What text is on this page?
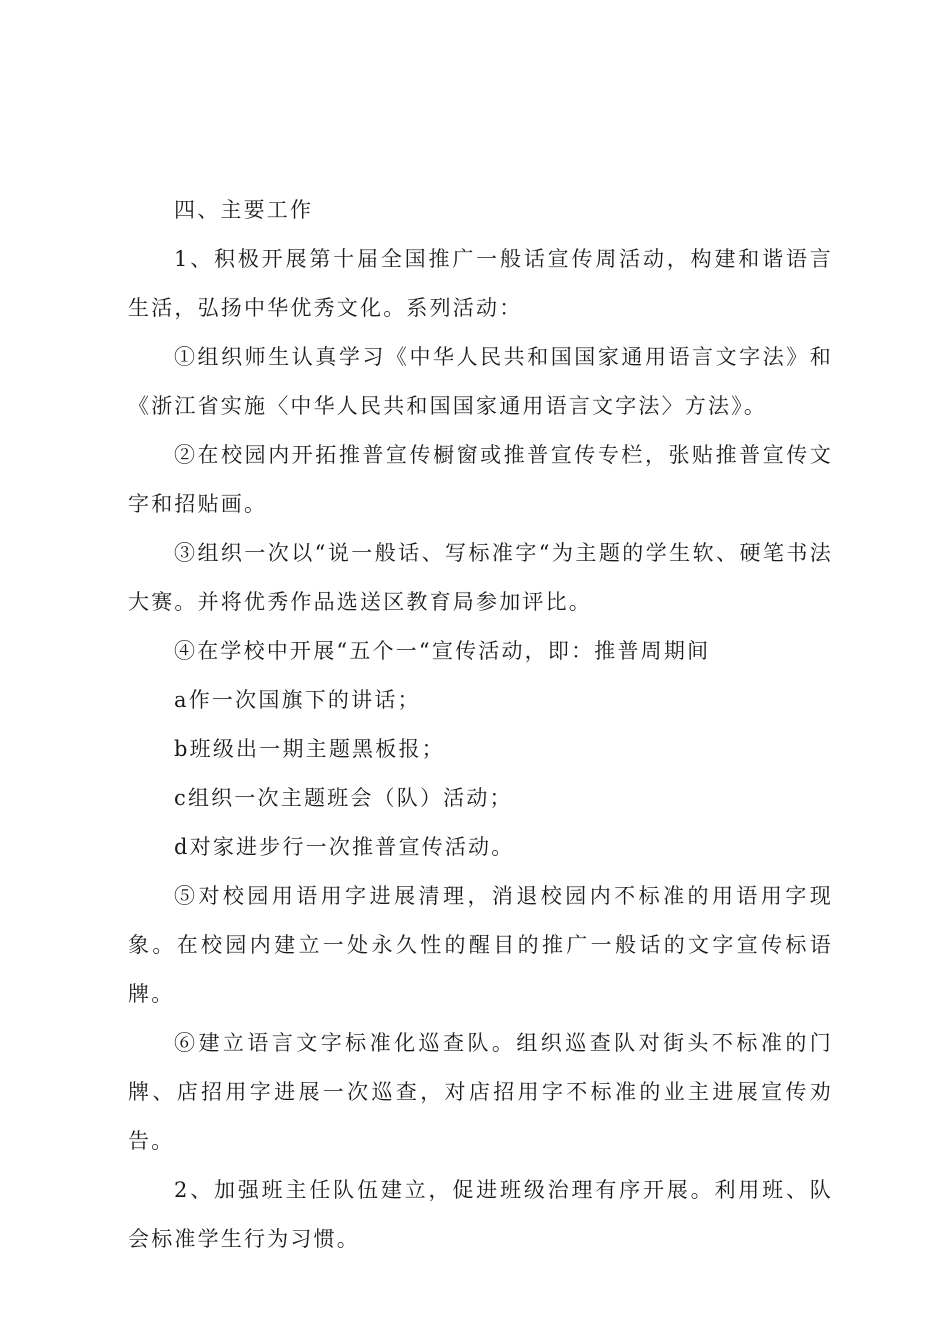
四、主要工作

1、积极开展第十届全国推广一般话宣传周活动，构建和谐语言生活，弘扬中华优秀文化。系列活动：

①组织师生认真学习《中华人民共和国国家通用语言文字法》和《浙江省实施〈中华人民共和国国家通用语言文字法〉方法》。

②在校园内开拓推普宣传橱窗或推普宣传专栏，张贴推普宣传文字和招贴画。

③组织一次以“说一般话、写标准字“为主题的学生软、硬笔书法大赛。并将优秀作品选送区教育局参加评比。

④在学校中开展“五个一“宣传活动，即：推普周期间

a作一次国旗下的讲话；

b班级出一期主题黑板报；

c组织一次主题班会（队）活动；

d对家进步行一次推普宣传活动。

⑤对校园用语用字进展清理，消退校园内不标准的用语用字现象。在校园内建立一处永久性的醒目的推广一般话的文字宣传标语牌。

⑥建立语言文字标准化巡查队。组织巡查队对街头不标准的门牌、店招用字进展一次巡查，对店招用字不标准的业主进展宣传劝告。

2、加强班主任队伍建立，促进班级治理有序开展。利用班、队会标准学生行为习惯。
